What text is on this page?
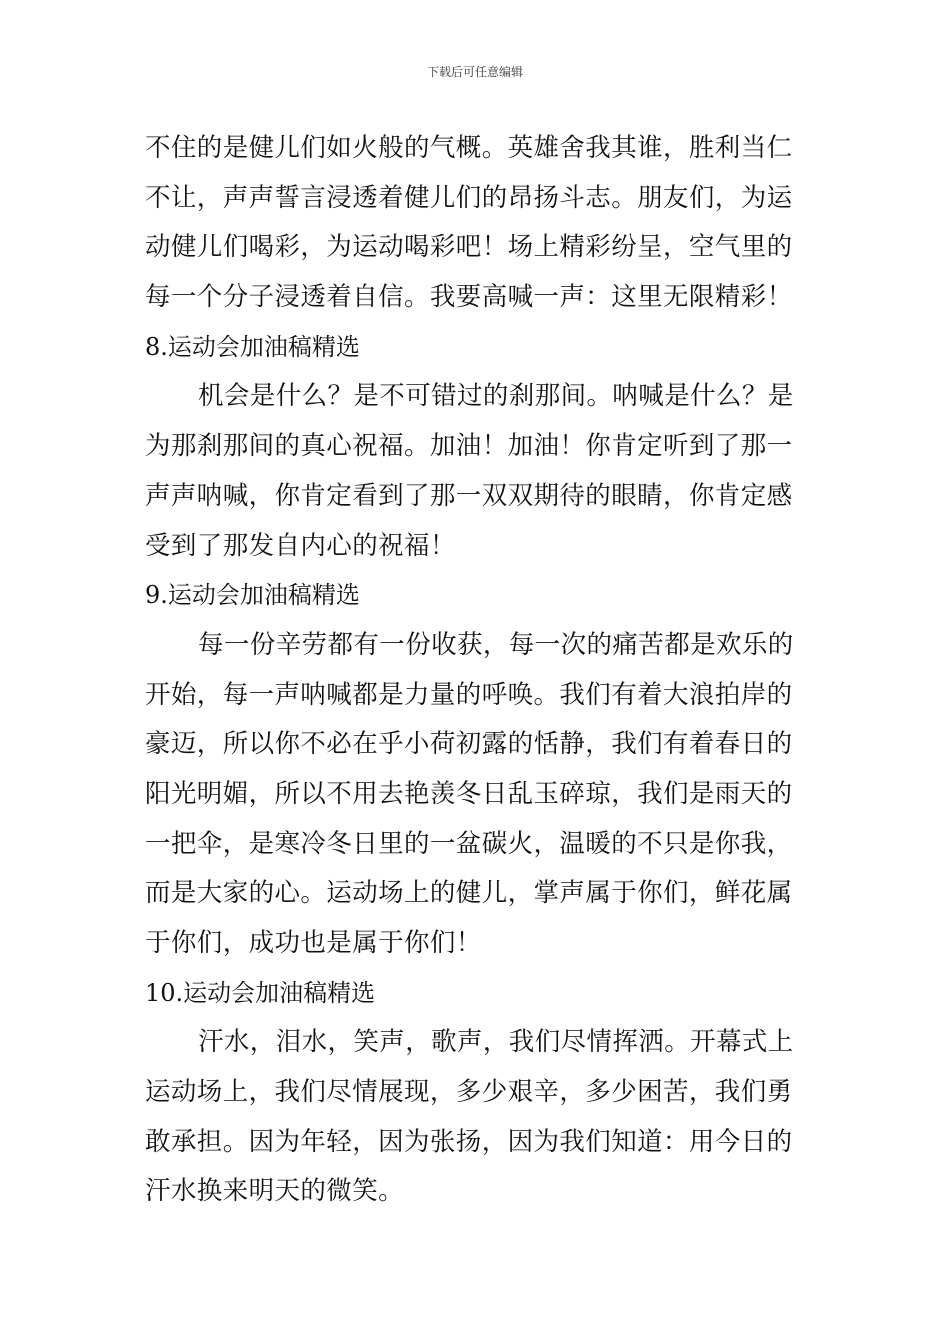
下载后可任意编辑
不住的是健儿们如火般的气概。英雄舍我其谁，胜利当仁
不让，声声誓言浸透着健儿们的昂扬斗志。朋友们，为运
动健儿们喝彩，为运动喝彩吧！场上精彩纷呈，空气里的
每一个分子浸透着自信。我要高喊一声：这里无限精彩！
8.运动会加油稿精选
机会是什么？是不可错过的刹那间。呐喊是什么？是
为那刹那间的真心祝福。加油！加油！你肯定听到了那一
声声呐喊，你肯定看到了那一双双期待的眼睛，你肯定感
受到了那发自内心的祝福！
9.运动会加油稿精选
每一份辛劳都有一份收获，每一次的痛苦都是欢乐的
开始，每一声呐喊都是力量的呼唤。我们有着大浪拍岸的
豪迈，所以你不必在乎小荷初露的恬静，我们有着春日的
阳光明媚，所以不用去艳羡冬日乱玉碎琼，我们是雨天的
一把伞，是寒冷冬日里的一盆碳火，温暖的不只是你我，
而是大家的心。运动场上的健儿，掌声属于你们，鲜花属
于你们，成功也是属于你们！
10.运动会加油稿精选
汗水，泪水，笑声，歌声，我们尽情挥洒。开幕式上
运动场上，我们尽情展现，多少艰辛，多少困苦，我们勇
敢承担。因为年轻，因为张扬，因为我们知道：用今日的
汗水换来明天的微笑。
